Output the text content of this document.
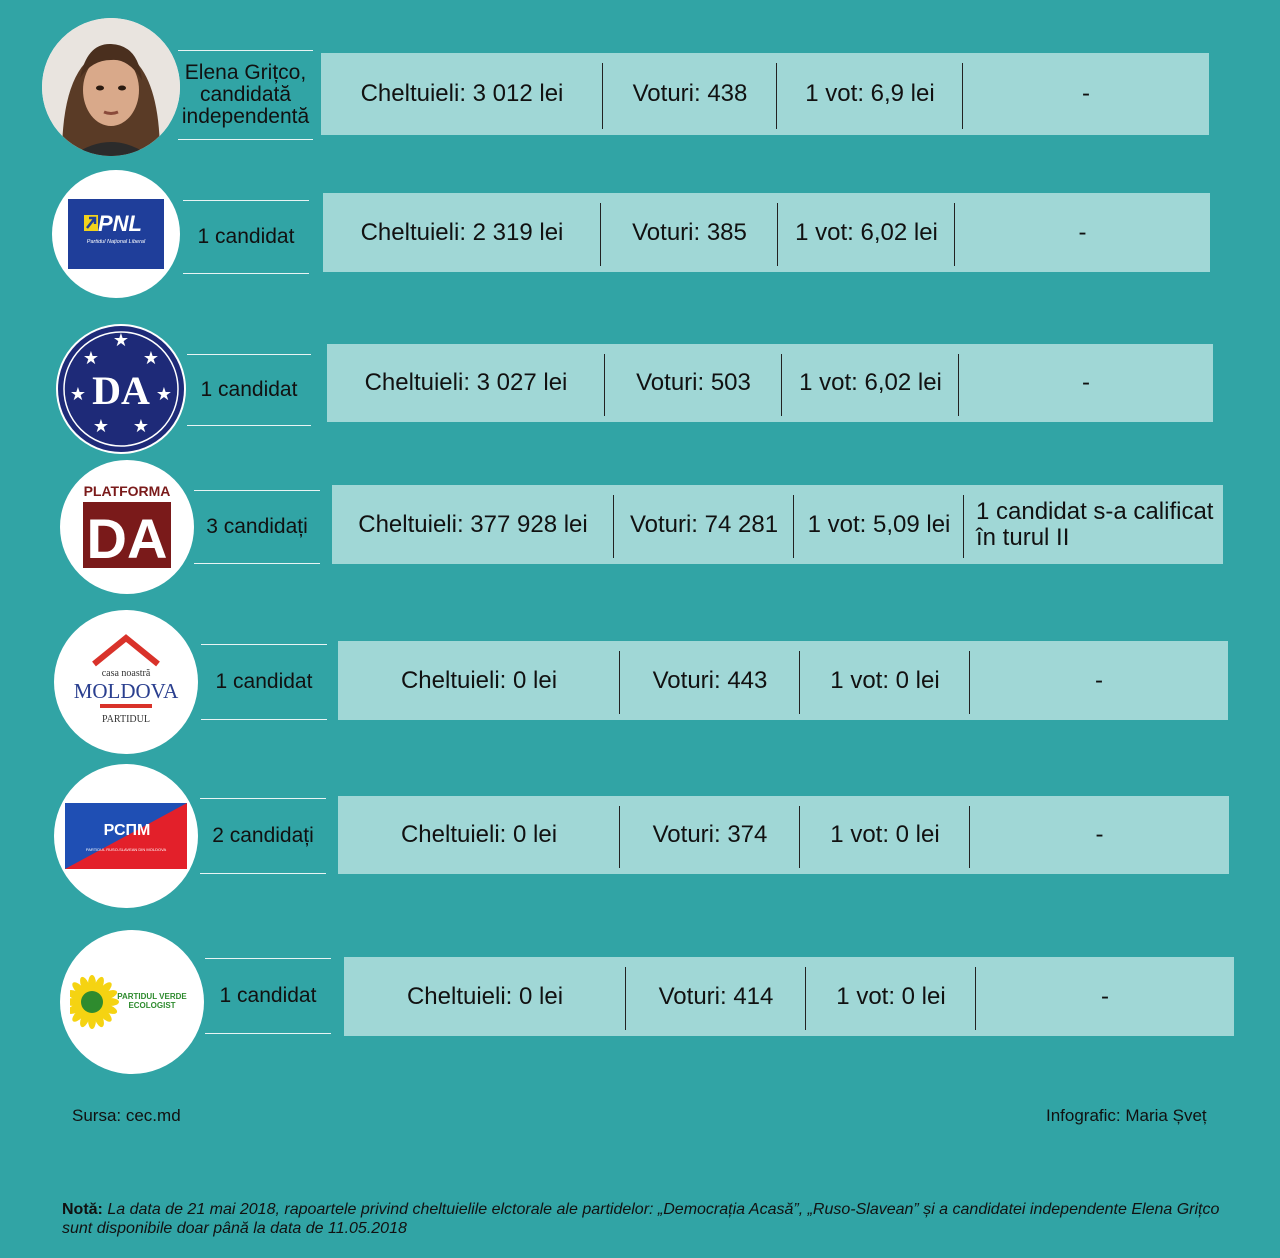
Elena Grițco, candidată independentă
Cheltuieli: 3 012 lei	Voturi: 438	1 vot: 6,9 lei	-
PNL
Partidul Național Liberal	1 candidat	Cheltuieli: 2 319 lei	Voturi: 385	1 vot: 6,02 lei	-
★
★ ★
★	★
★ ★
DA	1 candidat	Cheltuieli: 3 027 lei	Voturi: 503	1 vot: 6,02 lei	-
PLATFORMA
DA	3 candidați	Cheltuieli: 377 928 lei	Voturi: 74 281	1 vot: 5,09 lei	1 candidat s-a calificat în turul II
casa noastră
MOLDOVA
PARTIDUL
1 candidat	Cheltuieli: 0 lei	Voturi: 443	1 vot: 0 lei	-
РСПМ
PARTIDUL RUSO-SLAVEAN DIN MOLDOVA
2 candidați	Cheltuieli: 0 lei	Voturi: 374	1 vot: 0 lei	-
PARTIDUL VERDE
ECOLOGIST	1 candidat	Cheltuieli: 0 lei	Voturi: 414	1 vot: 0 lei	-
Sursa: cec.md	Infografic: Maria Șveț
Notă: La data de 21 mai 2018, rapoartele privind cheltuielile elctorale ale partidelor: „Democrația Acasă”, „Ruso-Slavean” și a candidatei independente Elena Grițco sunt disponibile doar până la data de 11.05.2018
